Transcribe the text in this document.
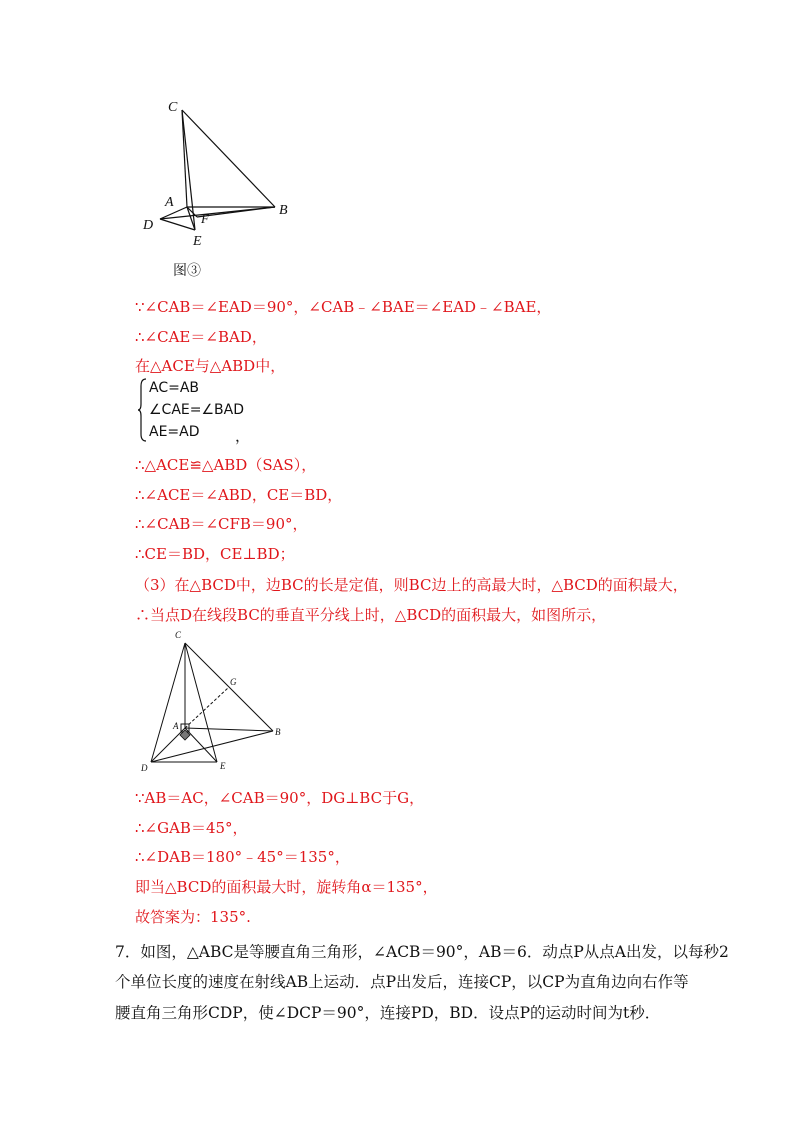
C
A
B
D	F
E
图③
∵∠CAB＝∠EAD＝90°，∠CAB﹣∠BAE＝∠EAD﹣∠BAE，
∴∠CAE＝∠BAD，
在△ACE与△ABD中，
AC=AB
∠CAE=∠BAD
AE=AD ，
∴△ACE≌△ABD（SAS），
∴∠ACE＝∠ABD，CE＝BD，
∴∠CAB＝∠CFB＝90°，
∴CE＝BD，CE⊥BD；
（3）在△BCD中，边BC的长是定值，则BC边上的高最大时，△BCD的面积最大，
∴当点D在线段BC的垂直平分线上时，△BCD的面积最大，如图所示，
C
G
A
B
D	E
∵AB＝AC，∠CAB＝90°，DG⊥BC于G，
∴∠GAB＝45°，
∴∠DAB＝180°﹣45°＝135°，
即当△BCD的面积最大时，旋转角α＝135°，
故答案为：135°.
7．如图，△ABC是等腰直角三角形，∠ACB＝90°，AB＝6．动点P从点A出发，以每秒2
个单位长度的速度在射线AB上运动．点P出发后，连接CP，以CP为直角边向右作等
腰直角三角形CDP，使∠DCP＝90°，连接PD，BD．设点P的运动时间为t秒．
